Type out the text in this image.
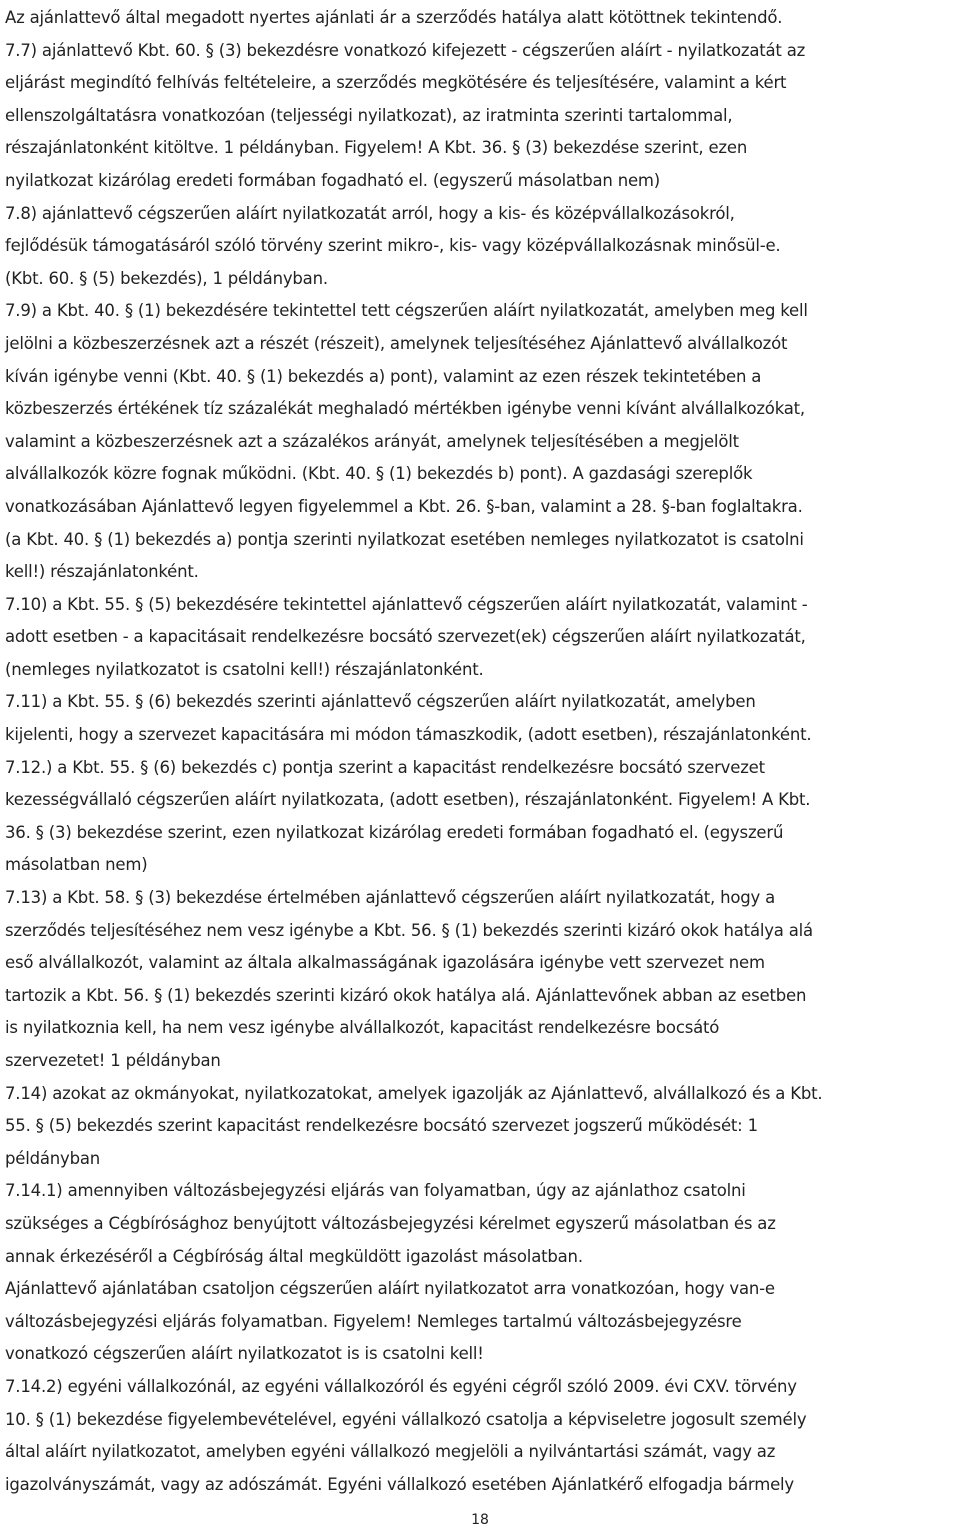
Az ajánlattevő által megadott nyertes ajánlati ár a szerződés hatálya alatt kötöttnek tekintendő.
7.7) ajánlattevő Kbt. 60. § (3) bekezdésre vonatkozó kifejezett - cégszerűen aláírt - nyilatkozatát az
eljárást megindító felhívás feltételeire, a szerződés megkötésére és teljesítésére, valamint a kért
ellenszolgáltatásra vonatkozóan (teljességi nyilatkozat), az iratminta szerinti tartalommal,
részajánlatonként kitöltve. 1 példányban. Figyelem! A Kbt. 36. § (3) bekezdése szerint, ezen
nyilatkozat kizárólag eredeti formában fogadható el. (egyszerű másolatban nem)
7.8) ajánlattevő cégszerűen aláírt nyilatkozatát arról, hogy a kis- és középvállalkozásokról,
fejlődésük támogatásáról szóló törvény szerint mikro-, kis- vagy középvállalkozásnak minősül-e.
(Kbt. 60. § (5) bekezdés), 1 példányban.
7.9) a Kbt. 40. § (1) bekezdésére tekintettel tett cégszerűen aláírt nyilatkozatát, amelyben meg kell
jelölni a közbeszerzésnek azt a részét (részeit), amelynek teljesítéséhez Ajánlattevő alvállalkozót
kíván igénybe venni (Kbt. 40. § (1) bekezdés a) pont), valamint az ezen részek tekintetében a
közbeszerzés értékének tíz százalékát meghaladó mértékben igénybe venni kívánt alvállalkozókat,
valamint a közbeszerzésnek azt a százalékos arányát, amelynek teljesítésében a megjelölt
alvállalkozók közre fognak működni. (Kbt. 40. § (1) bekezdés b) pont). A gazdasági szereplők
vonatkozásában Ajánlattevő legyen figyelemmel a Kbt. 26. §-ban, valamint a 28. §-ban foglaltakra.
(a Kbt. 40. § (1) bekezdés a) pontja szerinti nyilatkozat esetében nemleges nyilatkozatot is csatolni
kell!) részajánlatonként.
7.10) a Kbt. 55. § (5) bekezdésére tekintettel ajánlattevő cégszerűen aláírt nyilatkozatát, valamint -
adott esetben - a kapacitásait rendelkezésre bocsátó szervezet(ek) cégszerűen aláírt nyilatkozatát,
(nemleges nyilatkozatot is csatolni kell!) részajánlatonként.
7.11) a Kbt. 55. § (6) bekezdés szerinti ajánlattevő cégszerűen aláírt nyilatkozatát, amelyben
kijelenti, hogy a szervezet kapacitására mi módon támaszkodik, (adott esetben), részajánlatonként.
7.12.) a Kbt. 55. § (6) bekezdés c) pontja szerint a kapacitást rendelkezésre bocsátó szervezet
kezességvállaló cégszerűen aláírt nyilatkozata, (adott esetben), részajánlatonként. Figyelem! A Kbt.
36. § (3) bekezdése szerint, ezen nyilatkozat kizárólag eredeti formában fogadható el. (egyszerű
másolatban nem)
7.13) a Kbt. 58. § (3) bekezdése értelmében ajánlattevő cégszerűen aláírt nyilatkozatát, hogy a
szerződés teljesítéséhez nem vesz igénybe a Kbt. 56. § (1) bekezdés szerinti kizáró okok hatálya alá
eső alvállalkozót, valamint az általa alkalmasságának igazolására igénybe vett szervezet nem
tartozik a Kbt. 56. § (1) bekezdés szerinti kizáró okok hatálya alá. Ajánlattevőnek abban az esetben
is nyilatkoznia kell, ha nem vesz igénybe alvállalkozót, kapacitást rendelkezésre bocsátó
szervezetet! 1 példányban
7.14) azokat az okmányokat, nyilatkozatokat, amelyek igazolják az Ajánlattevő, alvállalkozó és a Kbt.
55. § (5) bekezdés szerint kapacitást rendelkezésre bocsátó szervezet jogszerű működését: 1
példányban
7.14.1) amennyiben változásbejegyzési eljárás van folyamatban, úgy az ajánlathoz csatolni
szükséges a Cégbírósághoz benyújtott változásbejegyzési kérelmet egyszerű másolatban és az
annak érkezéséről a Cégbíróság által megküldött igazolást másolatban.
Ajánlattevő ajánlatában csatoljon cégszerűen aláírt nyilatkozatot arra vonatkozóan, hogy van-e
változásbejegyzési eljárás folyamatban. Figyelem! Nemleges tartalmú változásbejegyzésre
vonatkozó cégszerűen aláírt nyilatkozatot is is csatolni kell!
7.14.2) egyéni vállalkozónál, az egyéni vállalkozóról és egyéni cégről szóló 2009. évi CXV. törvény
10. § (1) bekezdése figyelembevételével, egyéni vállalkozó csatolja a képviseletre jogosult személy
által aláírt nyilatkozatot, amelyben egyéni vállalkozó megjelöli a nyilvántartási számát, vagy az
igazolványszámát, vagy az adószámát. Egyéni vállalkozó esetében Ajánlatkérő elfogadja bármely
18
